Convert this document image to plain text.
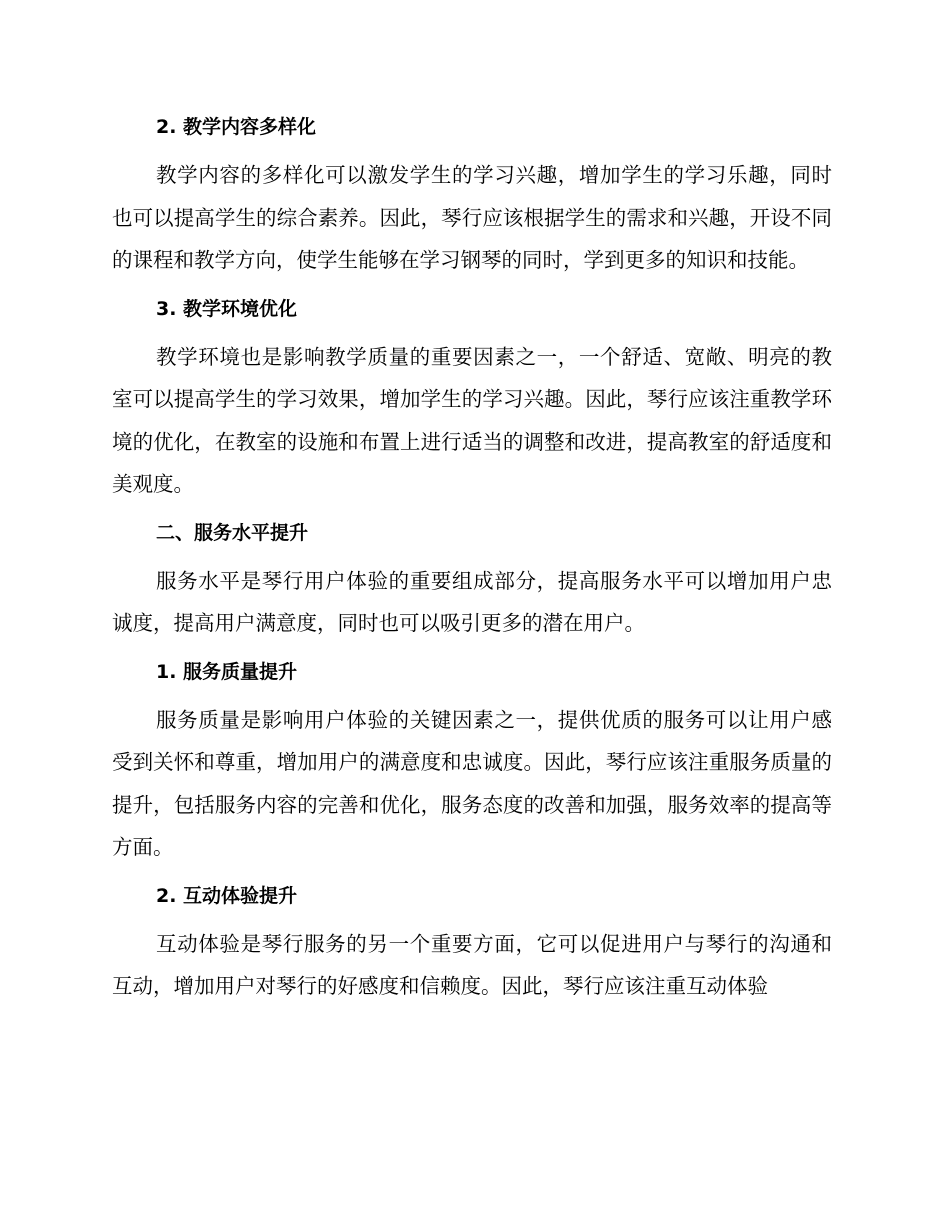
2. 教学内容多样化

教学内容的多样化可以激发学生的学习兴趣，增加学生的学习乐趣，同时也可以提高学生的综合素养。因此，琴行应该根据学生的需求和兴趣，开设不同的课程和教学方向，使学生能够在学习钢琴的同时，学到更多的知识和技能。

3. 教学环境优化

教学环境也是影响教学质量的重要因素之一，一个舒适、宽敞、明亮的教室可以提高学生的学习效果，增加学生的学习兴趣。因此，琴行应该注重教学环境的优化，在教室的设施和布置上进行适当的调整和改进，提高教室的舒适度和美观度。

二、服务水平提升

服务水平是琴行用户体验的重要组成部分，提高服务水平可以增加用户忠诚度，提高用户满意度，同时也可以吸引更多的潜在用户。

1. 服务质量提升

服务质量是影响用户体验的关键因素之一，提供优质的服务可以让用户感受到关怀和尊重，增加用户的满意度和忠诚度。因此，琴行应该注重服务质量的提升，包括服务内容的完善和优化，服务态度的改善和加强，服务效率的提高等方面。

2. 互动体验提升

互动体验是琴行服务的另一个重要方面，它可以促进用户与琴行的沟通和互动，增加用户对琴行的好感度和信赖度。因此，琴行应该注重互动体验
